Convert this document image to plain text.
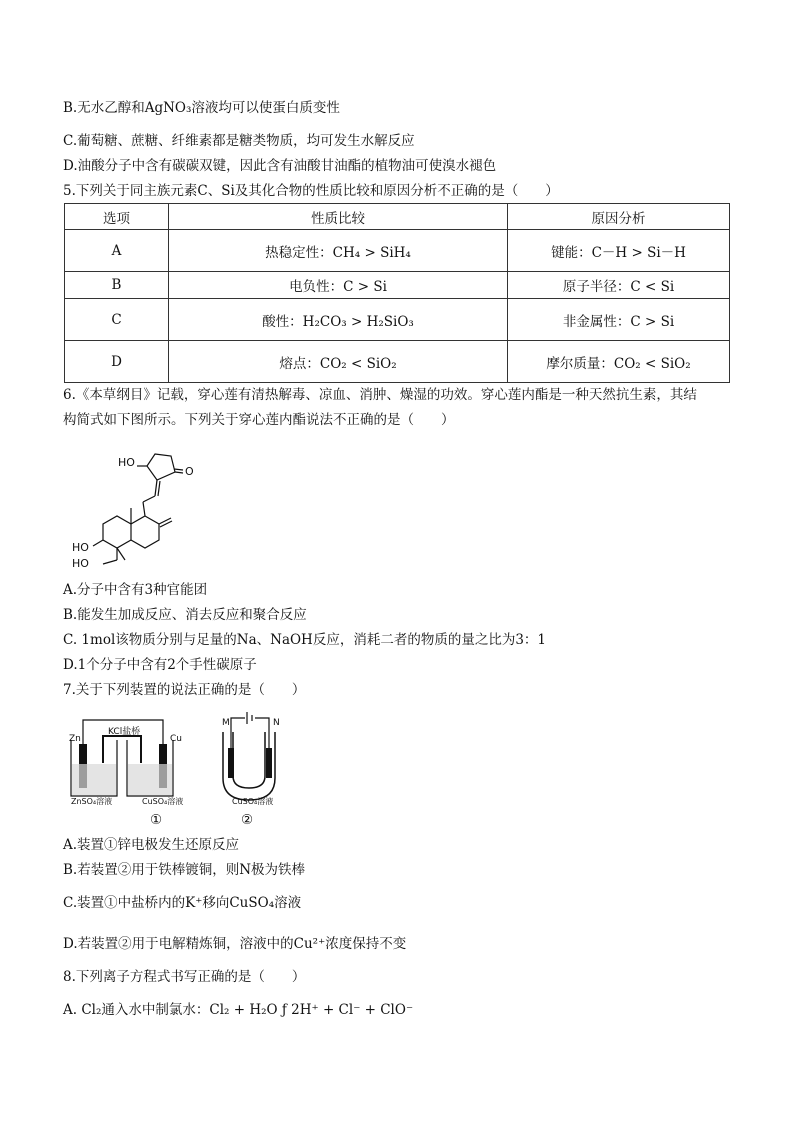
B.无水乙醇和AgNO₃溶液均可以使蛋白质变性
C.葡萄糖、蔗糖、纤维素都是糖类物质，均可发生水解反应
D.油酸分子中含有碳碳双键，因此含有油酸甘油酯的植物油可使溴水褪色
5.下列关于同主族元素C、Si及其化合物的性质比较和原因分析不正确的是（　　）
选项	性质比较	原因分析
A	热稳定性：CH₄ > SiH₄	键能：C－H > Si－H
B	电负性：C > Si	原子半径：C < Si
C	酸性：H₂CO₃ > H₂SiO₃	非金属性：C > Si
D	熔点：CO₂ < SiO₂	摩尔质量：CO₂ < SiO₂
6.《本草纲目》记载，穿心莲有清热解毒、凉血、消肿、燥湿的功效。穿心莲内酯是一种天然抗生素，其结
构简式如下图所示。下列关于穿心莲内酯说法不正确的是（　　）
HO
O
HO
HO
A.分子中含有3种官能团
B.能发生加成反应、消去反应和聚合反应
C. 1mol该物质分别与足量的Na、NaOH反应，消耗二者的物质的量之比为3：1
D.1个分子中含有2个手性碳原子
7.关于下列装置的说法正确的是（　　）
Zn	Cu
KCl盐桥
ZnSO₄溶液	CuSO₄溶液
M	N
CuSO₄溶液
①	②
A.装置①锌电极发生还原反应
B.若装置②用于铁棒镀铜，则N极为铁棒
C.装置①中盐桥内的K⁺移向CuSO₄溶液
D.若装置②用于电解精炼铜，溶液中的Cu²⁺浓度保持不变
8.下列离子方程式书写正确的是（　　）
A. Cl₂通入水中制氯水：Cl₂ + H₂O ƒ 2H⁺ + Cl⁻ + ClO⁻
